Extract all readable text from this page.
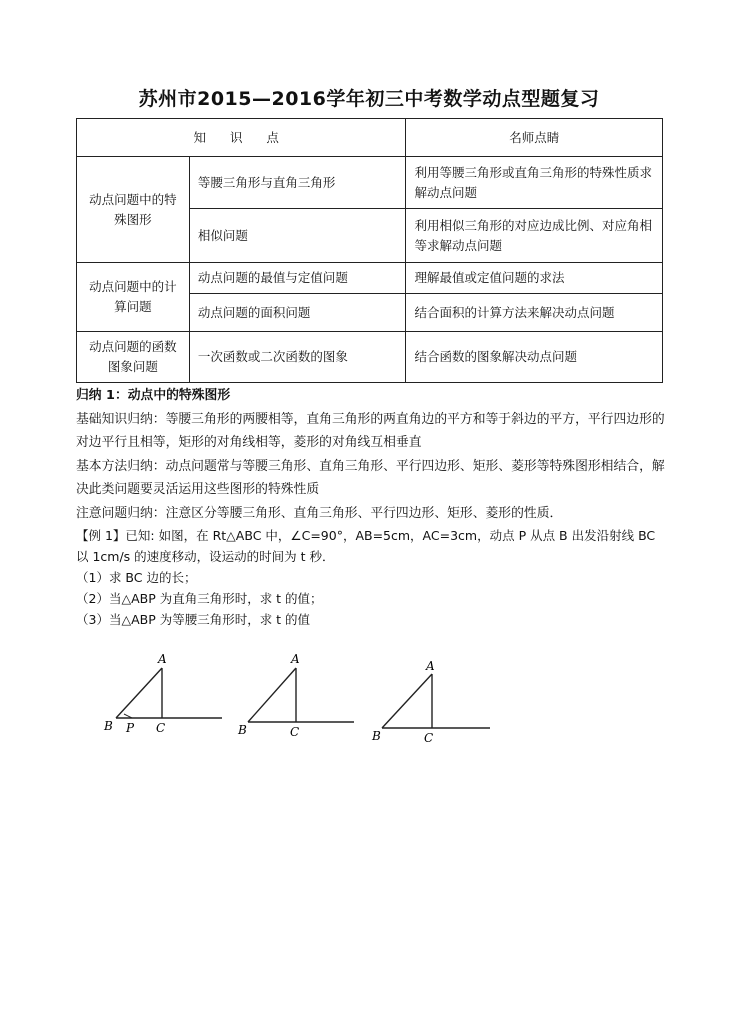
苏州市2015—2016学年初三中考数学动点型题复习
知 识 点		名师点睛
动点问题中的特殊图形	等腰三角形与直角三角形	利用等腰三角形或直角三角形的特殊性质求解动点问题
	相似问题	利用相似三角形的对应边成比例、对应角相等求解动点问题
动点问题中的计算问题	动点问题的最值与定值问题	理解最值或定值问题的求法
	动点问题的面积问题	结合面积的计算方法来解决动点问题
动点问题的函数图象问题	一次函数或二次函数的图象	结合函数的图象解决动点问题

归纳 1：动点中的特殊图形

基础知识归纳：等腰三角形的两腰相等，直角三角形的两直角边的平方和等于斜边的平方，平行四边形的对边平行且相等，矩形的对角线相等，菱形的对角线互相垂直

基本方法归纳：动点问题常与等腰三角形、直角三角形、平行四边形、矩形、菱形等特殊图形相结合，解决此类问题要灵活运用这些图形的特殊性质

注意问题归纳：注意区分等腰三角形、直角三角形、平行四边形、矩形、菱形的性质．

【例 1】已知: 如图，在 Rt△ABC 中，∠C=90°，AB=5cm，AC=3cm，动点 P 从点 B 出发沿射线 BC 以 1cm/s 的速度移动，设运动的时间为 t 秒．

（1）求 BC 边的长；

（2）当△ABP 为直角三角形时，求 t 的值；

（3）当△ABP 为等腰三角形时，求 t 的值

A
B P C
A
B	C
A
B	C
